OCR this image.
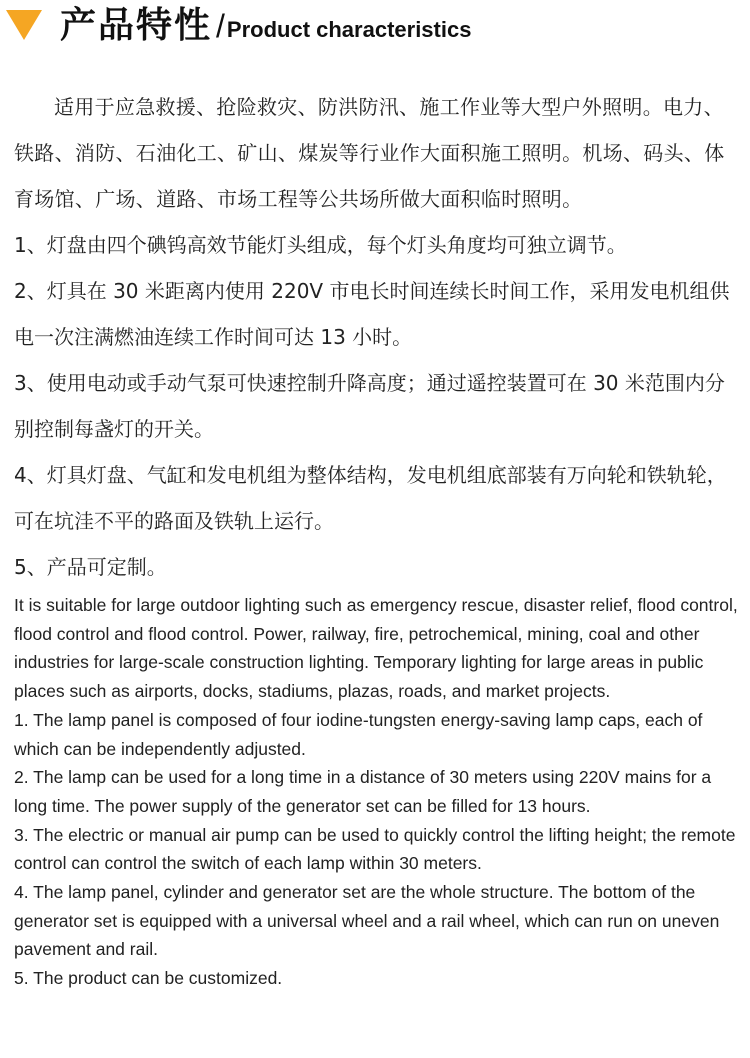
产品特性 /Product characteristics

适用于应急救援、抢险救灾、防洪防汛、施工作业等大型户外照明。电力、铁路、消防、石油化工、矿山、煤炭等行业作大面积施工照明。机场、码头、体育场馆、广场、道路、市场工程等公共场所做大面积临时照明。

1、灯盘由四个碘钨高效节能灯头组成，每个灯头角度均可独立调节。

2、灯具在 30 米距离内使用 220V 市电长时间连续长时间工作，采用发电机组供电一次注满燃油连续工作时间可达 13 小时。

3、使用电动或手动气泵可快速控制升降高度；通过遥控装置可在 30 米范围内分别控制每盏灯的开关。

4、灯具灯盘、气缸和发电机组为整体结构，发电机组底部装有万向轮和铁轨轮，可在坑洼不平的路面及铁轨上运行。

5、产品可定制。

It is suitable for large outdoor lighting such as emergency rescue, disaster relief, flood control, flood control and flood control. Power, railway, fire, petrochemical, mining, coal and other industries for large-scale construction lighting. Temporary lighting for large areas in public places such as airports, docks, stadiums, plazas, roads, and market projects.

1. The lamp panel is composed of four iodine-tungsten energy-saving lamp caps, each of which can be independently adjusted.

2. The lamp can be used for a long time in a distance of 30 meters using 220V mains for a long time. The power supply of the generator set can be filled for 13 hours.

3. The electric or manual air pump can be used to quickly control the lifting height; the remote control can control the switch of each lamp within 30 meters.

4. The lamp panel, cylinder and generator set are the whole structure. The bottom of the generator set is equipped with a universal wheel and a rail wheel, which can run on uneven pavement and rail.

5. The product can be customized.
